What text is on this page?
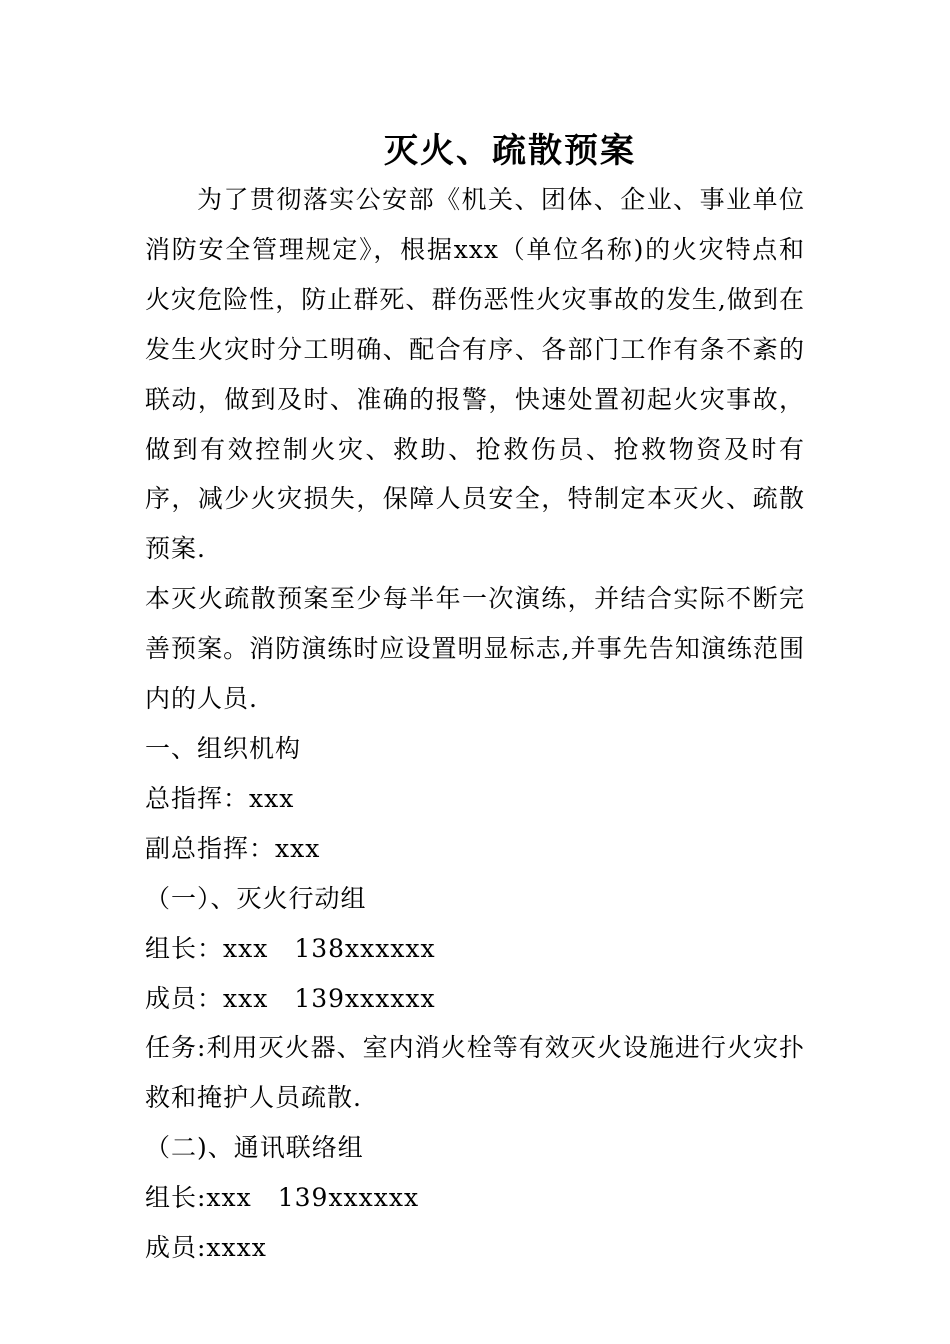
灭火、疏散预案

为了贯彻落实公安部《机关、团体、企业、事业单位消防安全管理规定》，根据xxx（单位名称)的火灾特点和火灾危险性，防止群死、群伤恶性火灾事故的发生,做到在发生火灾时分工明确、配合有序、各部门工作有条不紊的联动，做到及时、准确的报警，快速处置初起火灾事故，做到有效控制火灾、救助、抢救伤员、抢救物资及时有序，减少火灾损失，保障人员安全，特制定本灭火、疏散预案.

本灭火疏散预案至少每半年一次演练，并结合实际不断完善预案。消防演练时应设置明显标志,并事先告知演练范围内的人员.

一、组织机构

总指挥：xxx

副总指挥：xxx

（一）、灭火行动组

组长：xxx 138xxxxxx

成员：xxx 139xxxxxx

任务:利用灭火器、室内消火栓等有效灭火设施进行火灾扑救和掩护人员疏散.

（二)、通讯联络组

组长:xxx 139xxxxxx

成员:xxxx
